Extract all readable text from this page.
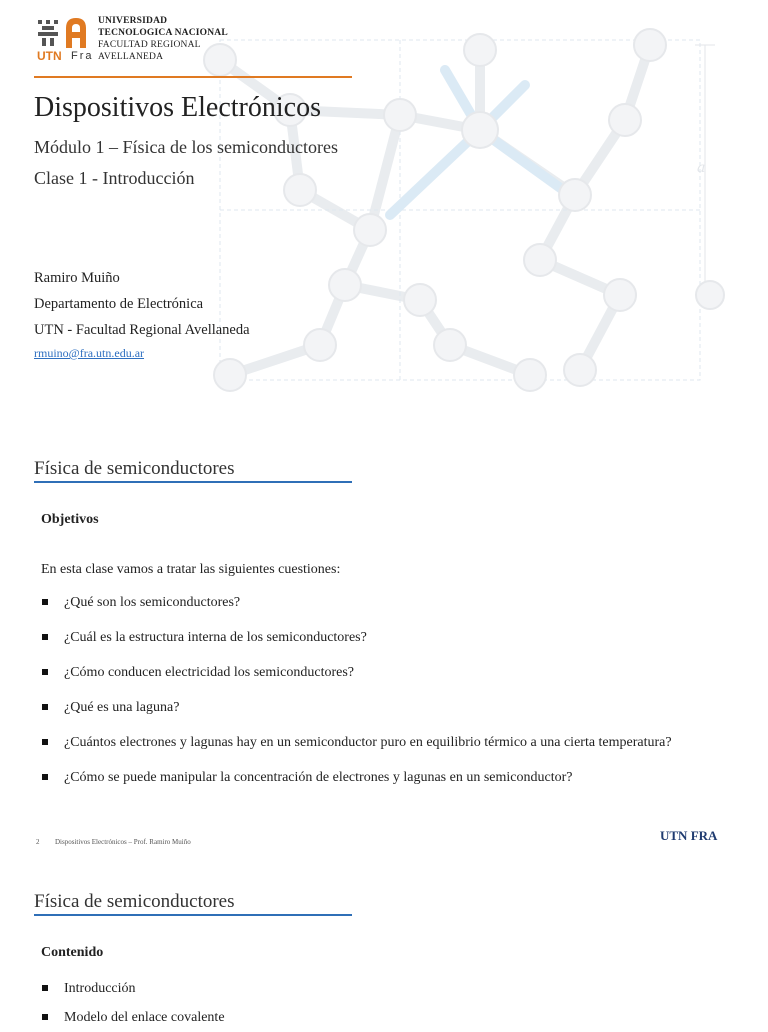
a
UNIVERSIDAD
TECNOLOGICA NACIONAL
FACULTAD REGIONAL
AVELLANEDA
UTN Fra
Dispositivos Electrónicos
Módulo 1 – Física de los semiconductores
Clase 1 - Introducción
Ramiro Muiño
Departamento de Electrónica
UTN - Facultad Regional Avellaneda
rmuino@fra.utn.edu.ar
Física de semiconductores
Objetivos
En esta clase vamos a tratar las siguientes cuestiones:
¿Qué son los semiconductores?
¿Cuál es la estructura interna de los semiconductores?
¿Cómo conducen electricidad los semiconductores?
¿Qué es una laguna?
¿Cuántos electrones y lagunas hay en un semiconductor puro en equilibrio térmico a una cierta temperatura?
¿Cómo se puede manipular la concentración de electrones y lagunas en un semiconductor?
2 Dispositivos Electrónicos – Prof. Ramiro Muiño	UTN FRA
Física de semiconductores
Contenido
Introducción
Modelo del enlace covalente
